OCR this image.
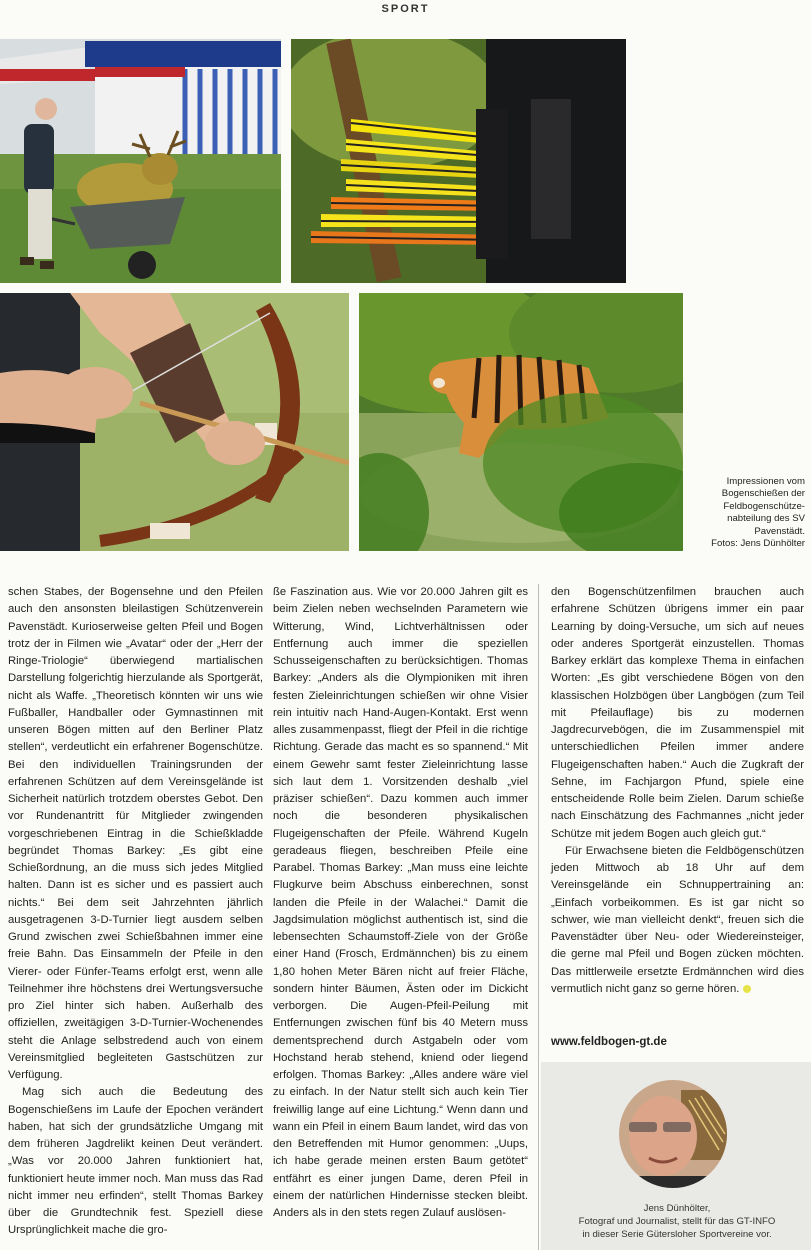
SPORT
Impressionen vom
Bogenschießen der
Feldbogenschütze-
nabteilung des SV
Pavenstädt.
Fotos: Jens Dünhölter

schen Stabes, der Bogensehne und den Pfeilen auch den ansonsten bleilastigen Schützenverein Pavenstädt. Kurioserweise gelten Pfeil und Bogen trotz der in Filmen wie „Avatar“ oder der „Herr der Ringe-Triologie“ überwiegend martialischen Darstellung folgerichtig hierzulande als Sportgerät, nicht als Waffe. „Theoretisch könnten wir uns wie Fußballer, Handballer oder Gymnastinnen mit unseren Bögen mitten auf den Berliner Platz stellen“, verdeutlicht ein erfahrener Bogenschütze. Bei den individuellen Trainingsrunden der erfahrenen Schützen auf dem Vereinsgelände ist Sicherheit natürlich trotzdem oberstes Gebot. Den vor Rundenantritt für Mitglieder zwingenden vorgeschriebenen Eintrag in die Schießkladde begründet Thomas Barkey: „Es gibt eine Schießordnung, an die muss sich jedes Mitglied halten. Dann ist es sicher und es passiert auch nichts.“ Bei dem seit Jahrzehnten jährlich ausgetragenen 3-D-Turnier liegt ausdem selben Grund zwischen zwei Schießbahnen immer eine freie Bahn. Das Einsammeln der Pfeile in den Vierer- oder Fünfer-Teams erfolgt erst, wenn alle Teilnehmer ihre höchstens drei Wertungsversuche pro Ziel hinter sich haben. Außerhalb des offiziellen, zweitägigen 3-D-Turnier-Wochenendes steht die Anlage selbstredend auch von einem Vereinsmitglied begleiteten Gastschützen zur Verfügung.

Mag sich auch die Bedeutung des Bogenschießens im Laufe der Epochen verändert haben, hat sich der grundsätzliche Umgang mit dem früheren Jagdrelikt keinen Deut verändert. „Was vor 20.000 Jahren funktioniert hat, funktioniert heute immer noch. Man muss das Rad nicht immer neu erfinden“, stellt Thomas Barkey über die Grundtechnik fest. Speziell diese Ursprünglichkeit mache die gro-

ße Faszination aus. Wie vor 20.000 Jahren gilt es beim Zielen neben wechselnden Parametern wie Witterung, Wind, Lichtverhältnissen oder Entfernung auch immer die speziellen Schusseigenschaften zu berücksichtigen. Thomas Barkey: „Anders als die Olympioniken mit ihren festen Zieleinrichtungen schießen wir ohne Visier rein intuitiv nach Hand-Augen-Kontakt. Erst wenn alles zusammenpasst, fliegt der Pfeil in die richtige Richtung. Gerade das macht es so spannend.“ Mit einem Gewehr samt fester Zieleinrichtung lasse sich laut dem 1. Vorsitzenden deshalb „viel präziser schießen“. Dazu kommen auch immer noch die besonderen physikalischen Flugeigenschaften der Pfeile. Während Kugeln geradeaus fliegen, beschreiben Pfeile eine Parabel. Thomas Barkey: „Man muss eine leichte Flugkurve beim Abschuss einberechnen, sonst landen die Pfeile in der Walachei.“ Damit die Jagdsimulation möglichst authentisch ist, sind die lebensechten Schaumstoff-Ziele von der Größe einer Hand (Frosch, Erdmännchen) bis zu einem 1,80 hohen Meter Bären nicht auf freier Fläche, sondern hinter Bäumen, Ästen oder im Dickicht verborgen. Die Augen-Pfeil-Peilung mit Entfernungen zwischen fünf bis 40 Metern muss dementsprechend durch Astgabeln oder vom Hochstand herab stehend, kniend oder liegend erfolgen. Thomas Barkey: „Alles andere wäre viel zu einfach. In der Natur stellt sich auch kein Tier freiwillig lange auf eine Lichtung.“ Wenn dann und wann ein Pfeil in einem Baum landet, wird das von den Betreffenden mit Humor genommen: „Uups, ich habe gerade meinen ersten Baum getötet“ entfährt es einer jungen Dame, deren Pfeil in einem der natürlichen Hindernisse stecken bleibt. Anders als in den stets regen Zulauf auslösen-

den Bogenschützenfilmen brauchen auch erfahrene Schützen übrigens immer ein paar Learning by doing-Versuche, um sich auf neues oder anderes Sportgerät einzustellen. Thomas Barkey erklärt das komplexe Thema in einfachen Worten: „Es gibt verschiedene Bögen von den klassischen Holzbögen über Langbögen (zum Teil mit Pfeilauflage) bis zu modernen Jagdrecurvebögen, die im Zusammenspiel mit unterschiedlichen Pfeilen immer andere Flugeigenschaften haben.“ Auch die Zugkraft der Sehne, im Fachjargon Pfund, spiele eine entscheidende Rolle beim Zielen. Darum schieße nach Einschätzung des Fachmannes „nicht jeder Schütze mit jedem Bogen auch gleich gut.“

Für Erwachsene bieten die Feldbögenschützen jeden Mittwoch ab 18 Uhr auf dem Vereinsgelände ein Schnuppertraining an: „Einfach vorbeikommen. Es ist gar nicht so schwer, wie man vielleicht denkt“, freuen sich die Pavenstädter über Neu- oder Wiedereinsteiger, die gerne mal Pfeil und Bogen zücken möchten. Das mittlerweile ersetzte Erdmännchen wird dies vermutlich nicht ganz so gerne hören.

www.feldbogen-gt.de
Jens Dünhölter,
Fotograf und Journalist, stellt für das GT-INFO
in dieser Serie Gütersloher Sportvereine vor.
